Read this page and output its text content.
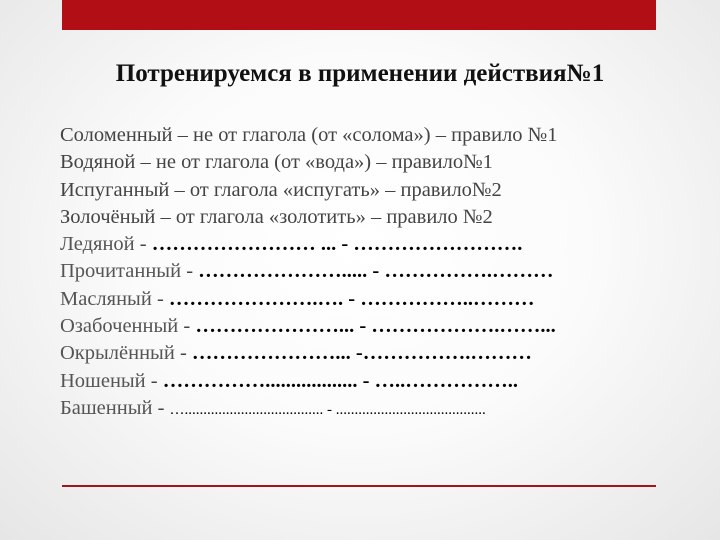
Потренируемся в применении действия№1
Соломенный – не от глагола (от «солома») – правило №1
Водяной – не от глагола (от «вода») – правило№1
Испуганный – от глагола «испугать» – правило№2
Золочёный – от глагола «золотить» – правило №2
Ледяной - …………………… ... - …………………….
Прочитанный - …………………..... - …………….………
Масляный - ………………….…. - ……………..………
Озабоченный - …………………... - ……………….……...
Окрылённый - …………………... -…………….………
Ношеный - …………….................. - …..……………..
Башенный - …..................................... - ........................................
